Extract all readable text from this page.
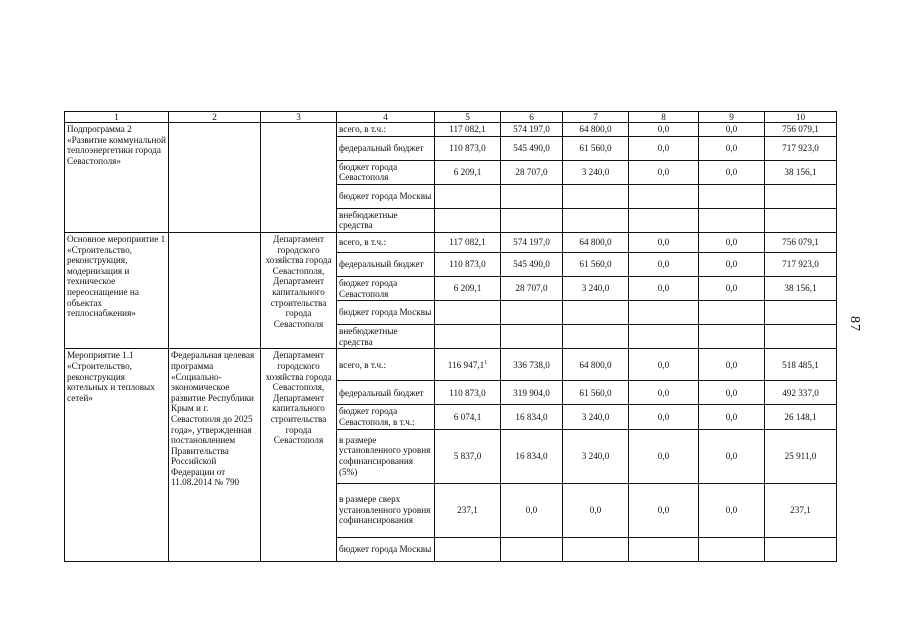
87
1	2	3	4	5	6	7	8	9	10
Подпрограмма 2 «Развитие коммунальной теплоэнергетики города Севастополя»			всего, в т.ч.:	117 082,1	574 197,0	64 800,0	0,0	0,0	756 079,1
			федеральный бюджет	110 873,0	545 490,0	61 560,0	0,0	0,0	717 923,0
			бюджет города Севастополя	6 209,1	28 707,0	3 240,0	0,0	0,0	38 156,1
			бюджет города Москвы						
			внебюджетные средства						
Основное мероприятие 1 «Строительство, реконструкция, модернизация и техническое переоснащение на объектах теплоснабжения»		Департамент городского хозяйства города Севастополя, Департамент капитального строительства города Севастополя	всего, в т.ч.:	117 082,1	574 197,0	64 800,0	0,0	0,0	756 079,1
			федеральный бюджет	110 873,0	545 490,0	61 560,0	0,0	0,0	717 923,0
			бюджет города Севастополя	6 209,1	28 707,0	3 240,0	0,0	0,0	38 156,1
			бюджет города Москвы						
			внебюджетные средства						
Мероприятие 1.1 «Строительство, реконструкция котельных и тепловых сетей»	Федеральная целевая программа «Социально-экономическое развитие Республики Крым и г. Севастополя до 2025 года», утвержденная постановлением Правительства Российской Федерации от 11.08.2014 № 790	Департамент городского хозяйства города Севастополя, Департамент капитального строительства города Севастополя	всего, в т.ч.:	116 947,1$^1$	336 738,0	64 800,0	0,0	0,0	518 485,1
			федеральный бюджет	110 873,0	319 904,0	61 560,0	0,0	0,0	492 337,0
			бюджет города Севастополя, в т.ч.:	6 074,1	16 834,0	3 240,0	0,0	0,0	26 148,1
			в размере установленного уровня софинансирования (5%)	5 837,0	16 834,0	3 240,0	0,0	0,0	25 911,0
			в размере сверх установленного уровня софинансирования	237,1	0,0	0,0	0,0	0,0	237,1
			бюджет города Москвы						
